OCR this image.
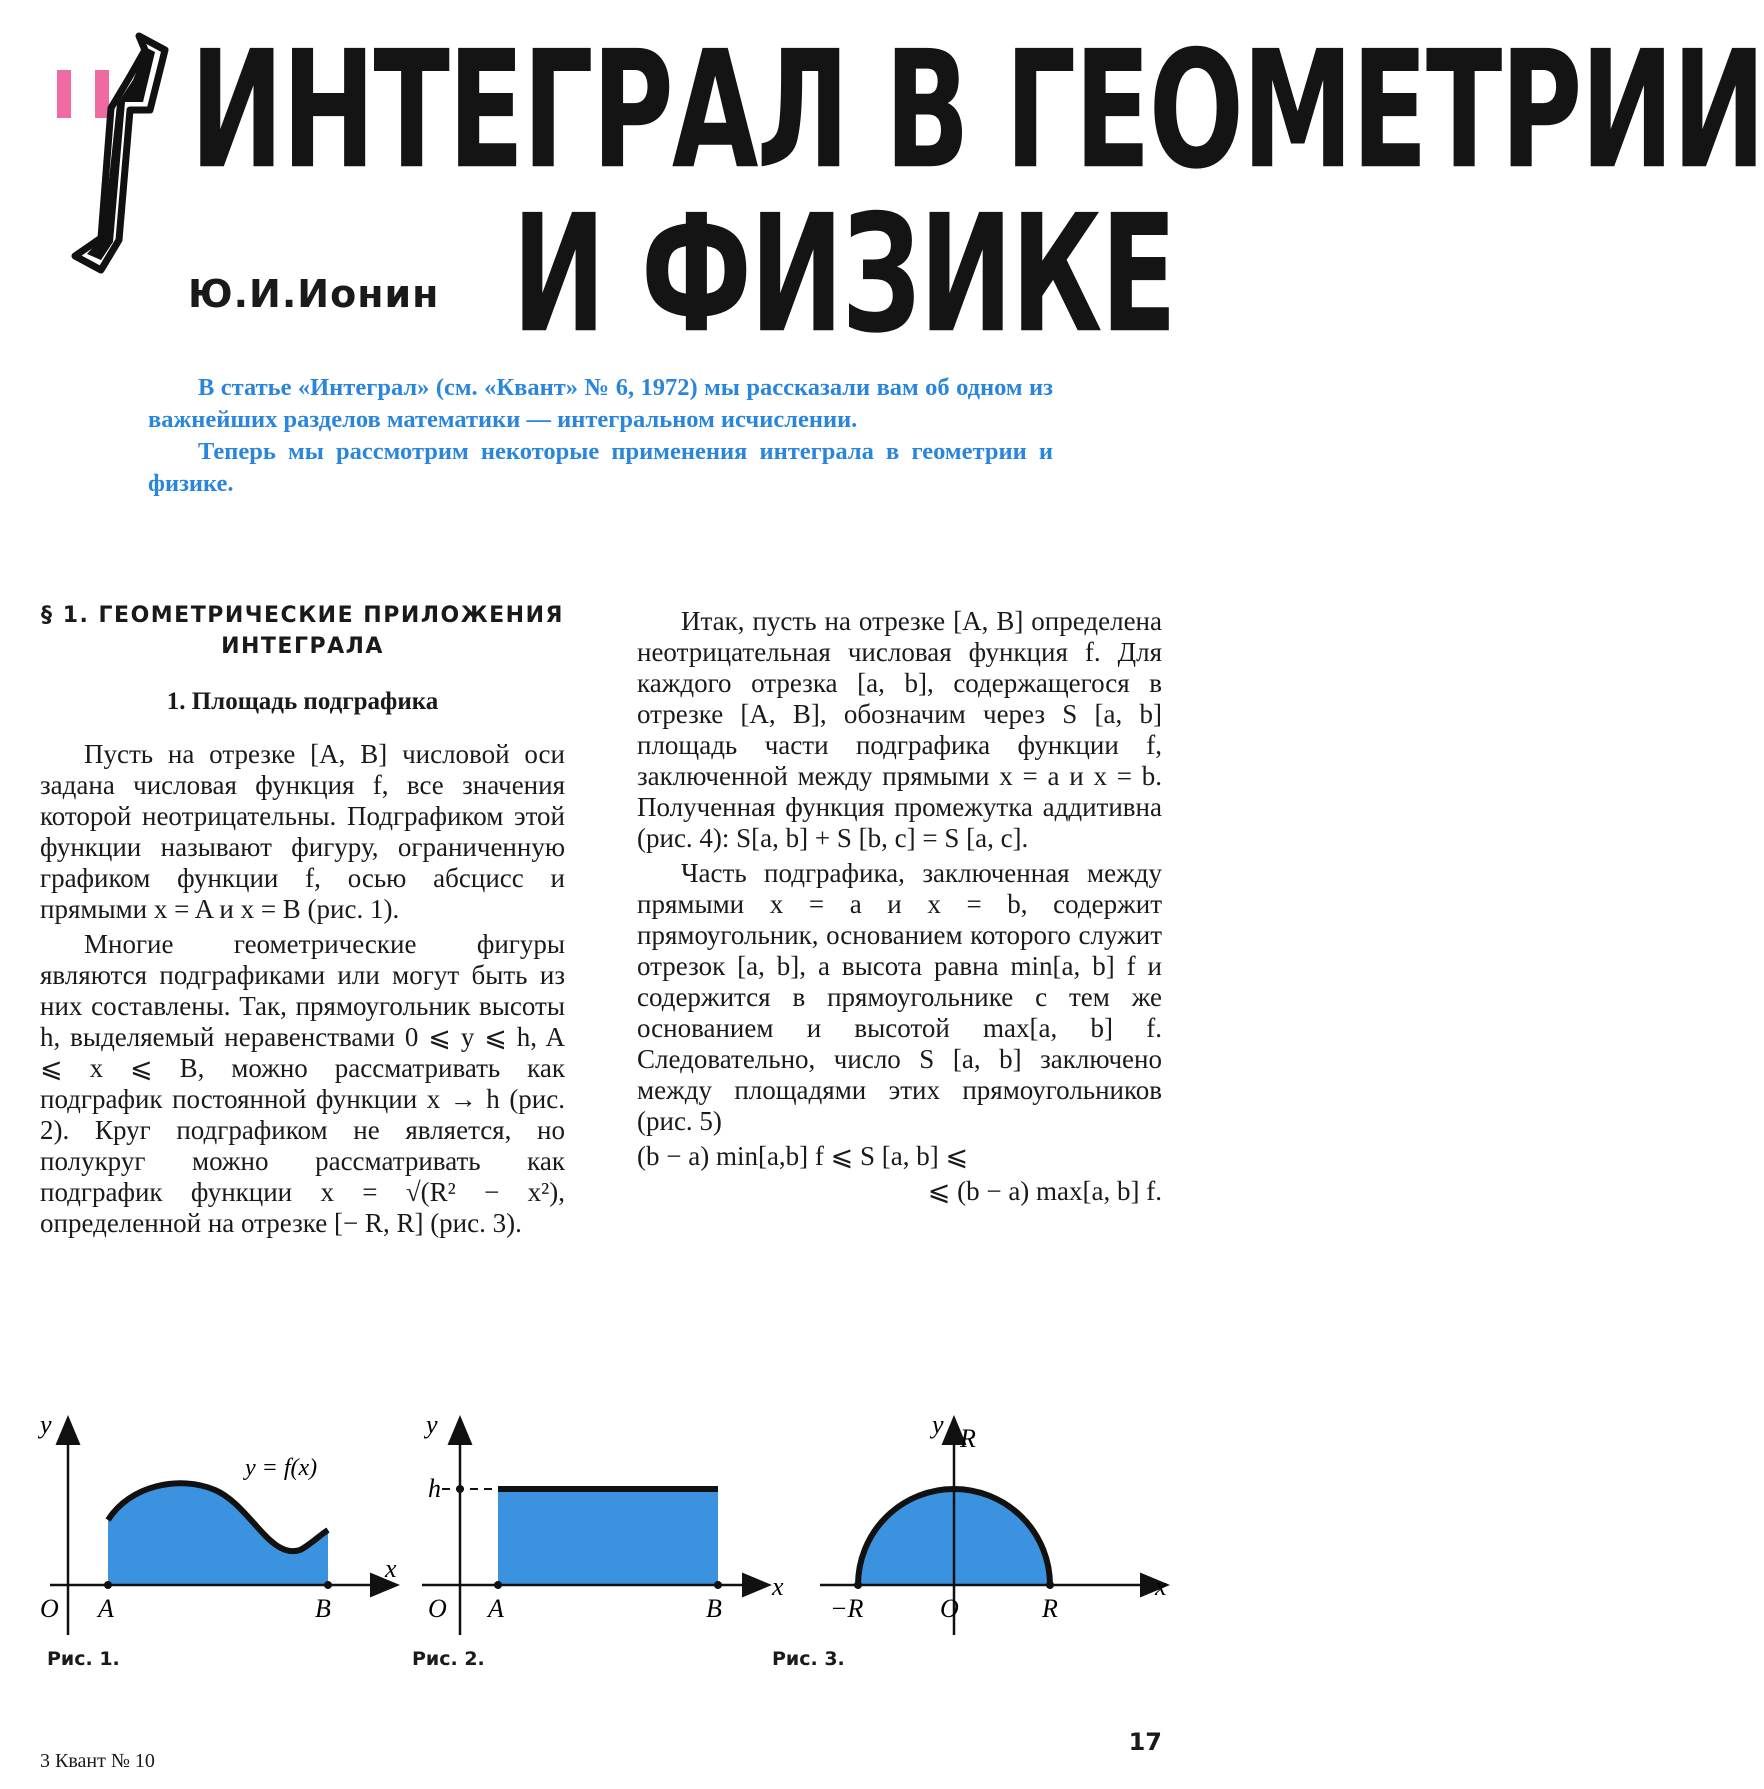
ИНТЕГРАЛ В ГЕОМЕТРИИ
И ФИЗИКЕ
Ю.И.Ионин

В статье «Интеграл» (см. «Квант» № 6, 1972) мы рассказали вам об одном из важнейших разделов математики — интегральном исчислении.

Теперь мы рассмотрим некоторые применения интеграла в геометрии и физике.

§ 1. ГЕОМЕТРИЧЕСКИЕ ПРИЛОЖЕНИЯ ИНТЕГРАЛА
1. Площадь подграфика

Пусть на отрезке [A, B] числовой оси задана числовая функция f, все значения которой неотрицательны. Подграфиком этой функции называют фигуру, ограниченную графиком функции f, осью абсцисс и прямыми x = A и x = B (рис. 1).

Многие геометрические фигуры являются подграфиками или могут быть из них составлены. Так, прямоугольник высоты h, выделяемый неравенствами 0 ⩽ y ⩽ h, A ⩽ x ⩽ B, можно рассматривать как подграфик постоянной функции x → h (рис. 2). Круг подграфиком не является, но полукруг можно рассматривать как подграфик функции x = √(R² − x²), определенной на отрезке [− R, R] (рис. 3).

Итак, пусть на отрезке [A, B] определена неотрицательная числовая функция f. Для каждого отрезка [a, b], содержащегося в отрезке [A, B], обозначим через S [a, b] площадь части подграфика функции f, заключенной между прямыми x = a и x = b. Полученная функция промежутка аддитивна (рис. 4): S[a, b] + S [b, c] = S [a, c].

Часть подграфика, заключенная между прямыми x = a и x = b, содержит прямоугольник, основанием которого служит отрезок [a, b], а высота равна min[a, b] f и содержится в прямоугольнике с тем же основанием и высотой max[a, b] f. Следовательно, число S [a, b] заключено между площадями этих прямоугольников (рис. 5)

(b − a) min[a,b] f ⩽ S [a, b] ⩽

⩽ (b − a) max[a, b] f.

y
x
O A	B
y = f(x)
Рис. 1.
y
x
h
O A	B
Рис. 2.
y R
x
−R	O	R
Рис. 3.
3 Квант № 10
17
